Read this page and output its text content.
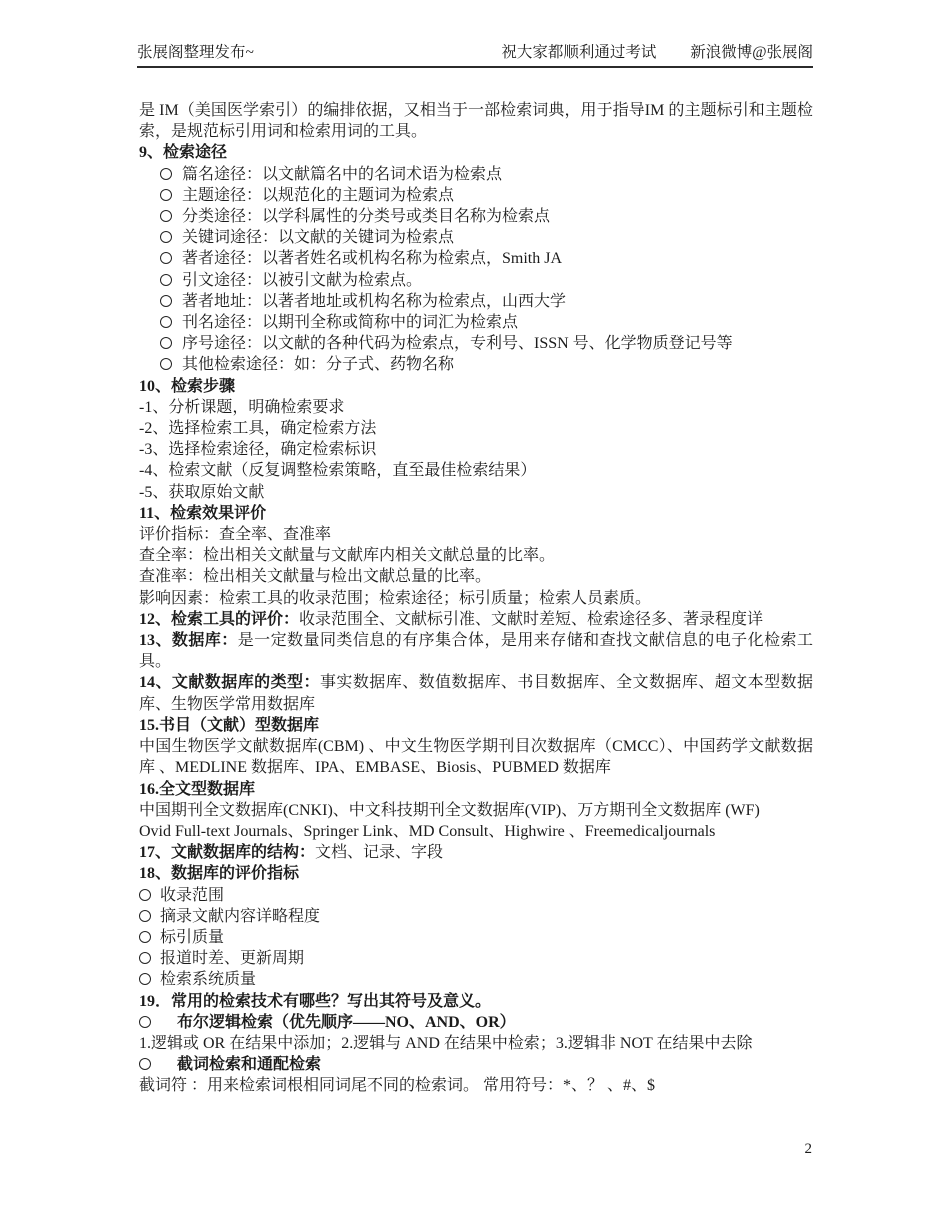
张展阁整理发布~	祝大家都顺利通过考试 新浪微博@张展阁
是 IM（美国医学索引）的编排依据，又相当于一部检索词典，用于指导IM 的主题标引和主题检索，是规范标引用词和检索用词的工具。
9、检索途径
篇名途径：以文献篇名中的名词术语为检索点
主题途径：以规范化的主题词为检索点
分类途径：以学科属性的分类号或类目名称为检索点
关键词途径：以文献的关键词为检索点
著者途径：以著者姓名或机构名称为检索点，Smith JA
引文途径：以被引文献为检索点。
著者地址：以著者地址或机构名称为检索点，山西大学
刊名途径：以期刊全称或简称中的词汇为检索点
序号途径：以文献的各种代码为检索点，专利号、ISSN 号、化学物质登记号等
其他检索途径：如：分子式、药物名称
10、检索步骤
-1、分析课题，明确检索要求
-2、选择检索工具，确定检索方法
-3、选择检索途径，确定检索标识
-4、检索文献（反复调整检索策略，直至最佳检索结果）
-5、获取原始文献
11、检索效果评价
评价指标：查全率、查准率
查全率：检出相关文献量与文献库内相关文献总量的比率。
查准率：检出相关文献量与检出文献总量的比率。
影响因素：检索工具的收录范围；检索途径；标引质量；检索人员素质。
12、检索工具的评价：收录范围全、文献标引准、文献时差短、检索途径多、著录程度详
13、数据库：是一定数量同类信息的有序集合体，是用来存储和查找文献信息的电子化检索工具。
14、文献数据库的类型：事实数据库、数值数据库、书目数据库、全文数据库、超文本型数据库、生物医学常用数据库
15.书目（文献）型数据库
中国生物医学文献数据库(CBM) 、中文生物医学期刊目次数据库（CMCC）、中国药学文献数据库 、MEDLINE 数据库、IPA、EMBASE、Biosis、PUBMED 数据库
16.全文型数据库
中国期刊全文数据库(CNKI)、中文科技期刊全文数据库(VIP)、万方期刊全文数据库 (WF)
Ovid Full-text Journals、Springer Link、MD Consult、Highwire 、Freemedicaljournals
17、文献数据库的结构：文档、记录、字段
18、数据库的评价指标
收录范围
摘录文献内容详略程度
标引质量
报道时差、更新周期
检索系统质量
19．常用的检索技术有哪些？写出其符号及意义。
布尔逻辑检索（优先顺序——NO、AND、OR）
1.逻辑或 OR 在结果中添加；2.逻辑与 AND 在结果中检索；3.逻辑非 NOT 在结果中去除
截词检索和通配检索
截词符 ：用来检索词根相同词尾不同的检索词。 常用符号：*、？ 、#、$
2
